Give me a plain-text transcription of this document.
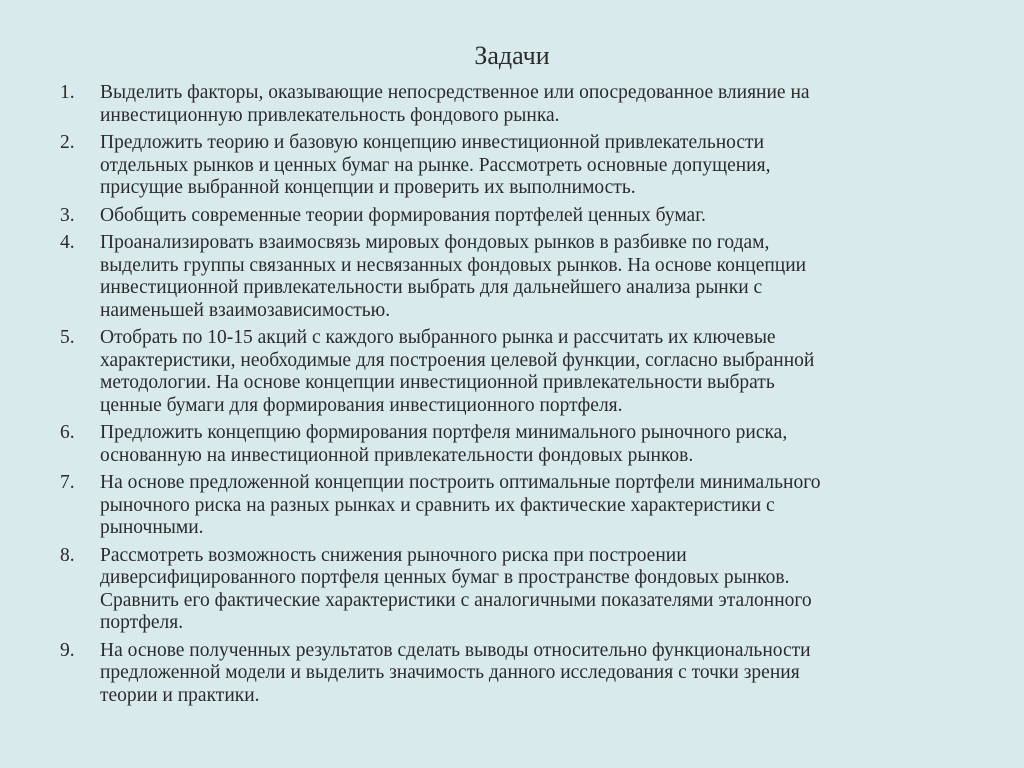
Задачи
1. Выделить факторы, оказывающие непосредственное или опосредованное влияние на
инвестиционную привлекательность фондового рынка.
2. Предложить теорию и базовую концепцию инвестиционной привлекательности
отдельных рынков и ценных бумаг на рынке. Рассмотреть основные допущения,
присущие выбранной концепции и проверить их выполнимость.
3. Обобщить современные теории формирования портфелей ценных бумаг.
4. Проанализировать взаимосвязь мировых фондовых рынков в разбивке по годам,
выделить группы связанных и несвязанных фондовых рынков. На основе концепции
инвестиционной привлекательности выбрать для дальнейшего анализа рынки с
наименьшей взаимозависимостью.
5. Отобрать по 10-15 акций с каждого выбранного рынка и рассчитать их ключевые
характеристики, необходимые для построения целевой функции, согласно выбранной
методологии. На основе концепции инвестиционной привлекательности выбрать
ценные бумаги для формирования инвестиционного портфеля.
6. Предложить концепцию формирования портфеля минимального рыночного риска,
основанную на инвестиционной привлекательности фондовых рынков.
7. На основе предложенной концепции построить оптимальные портфели минимального
рыночного риска на разных рынках и сравнить их фактические характеристики с
рыночными.
8. Рассмотреть возможность снижения рыночного риска при построении
диверсифицированного портфеля ценных бумаг в пространстве фондовых рынков.
Сравнить его фактические характеристики с аналогичными показателями эталонного
портфеля.
9. На основе полученных результатов сделать выводы относительно функциональности
предложенной модели и выделить значимость данного исследования с точки зрения
теории и практики.
